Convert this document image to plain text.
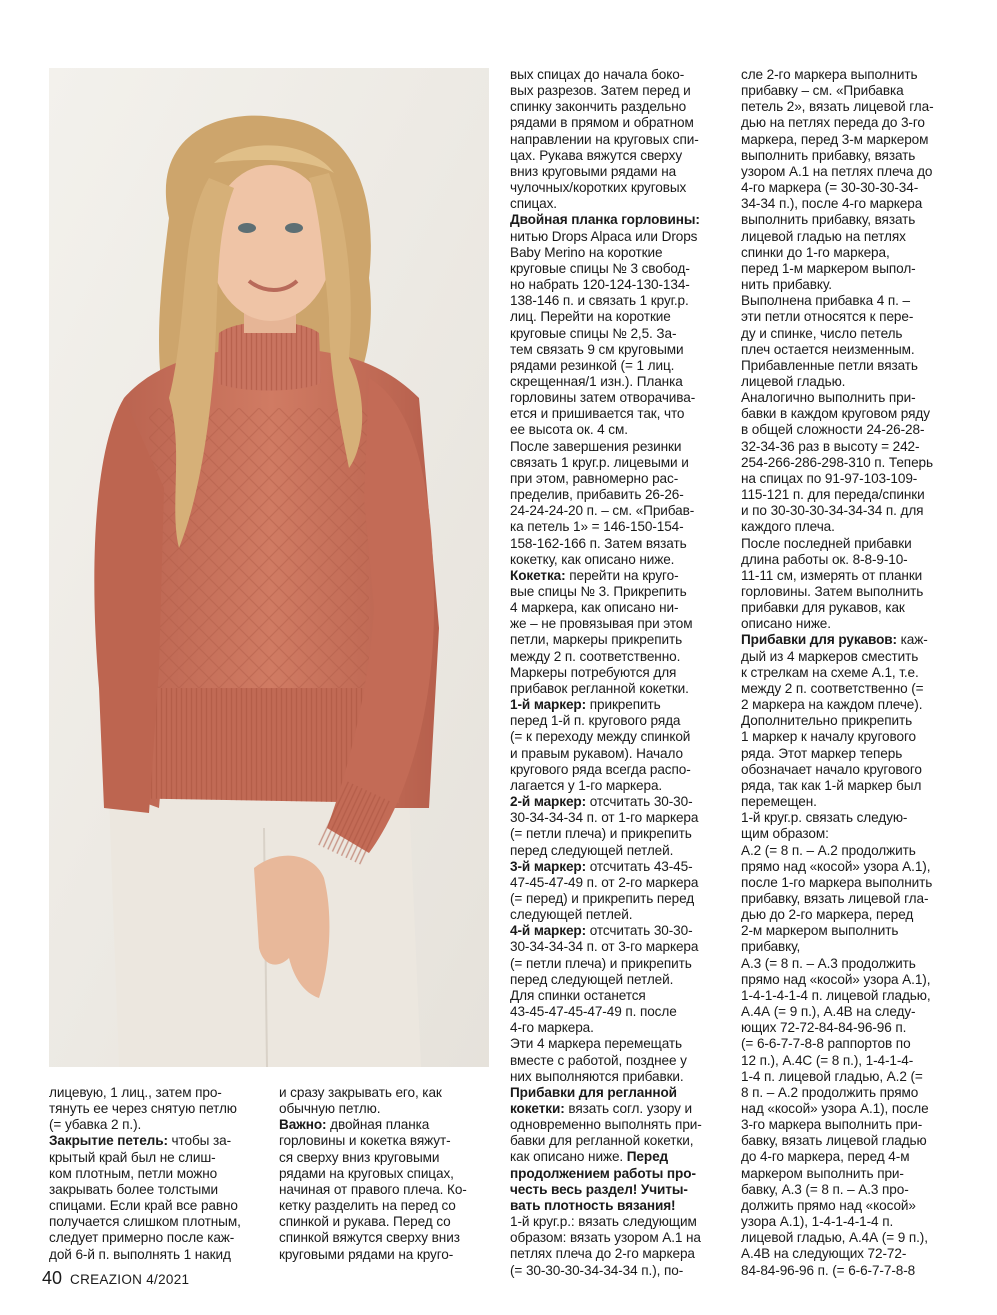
лицевую, 1 лиц., затем про-
тянуть ее через снятую петлю
(= убавка 2 п.).

Закрытие петель: чтобы за-
крытый край был не слиш-
ком плотным, петли можно
закрывать более толстыми
спицами. Если край все равно
получается слишком плотным,
следует примерно после каж-
дой 6-й п. выполнять 1 накид

и сразу закрывать его, как
обычную петлю.

Важно: двойная планка
горловины и кокетка вяжут-
ся сверху вниз круговыми
рядами на круговых спицах,
начиная от правого плеча. Ко-
кетку разделить на перед со
спинкой и рукава. Перед со
спинкой вяжутся сверху вниз
круговыми рядами на круго-

вых спицах до начала боко-
вых разрезов. Затем перед и
спинку закончить раздельно
рядами в прямом и обратном
направлении на круговых спи-
цах. Рукава вяжутся сверху
вниз круговыми рядами на
чулочных/коротких круговых
спицах.

Двойная планка горловины:
нитью Drops Alpaca или Drops
Baby Merino на короткие
круговые спицы № 3 свобод-
но набрать 120-124-130-134-
138-146 п. и связать 1 круг.р.
лиц. Перейти на короткие
круговые спицы № 2,5. За-
тем связать 9 см круговыми
рядами резинкой (= 1 лиц.
скрещенная/1 изн.). Планка
горловины затем отворачива-
ется и пришивается так, что
ее высота ок. 4 см.

После завершения резинки
связать 1 круг.р. лицевыми и
при этом, равномерно рас-
пределив, прибавить 26-26-
24-24-24-20 п. – см. «Прибав-
ка петель 1» = 146-150-154-
158-162-166 п. Затем вязать
кокетку, как описано ниже.

Кокетка: перейти на круго-
вые спицы № 3. Прикрепить
4 маркера, как описано ни-
же – не провязывая при этом
петли, маркеры прикрепить
между 2 п. соответственно.
Маркеры потребуются для
прибавок регланной кокетки.

1-й маркер: прикрепить
перед 1-й п. кругового ряда
(= к переходу между спинкой
и правым рукавом). Начало
кругового ряда всегда распо-
лагается у 1-го маркера.

2-й маркер: отсчитать 30-30-
30-34-34-34 п. от 1-го маркера
(= петли плеча) и прикрепить
перед следующей петлей.

3-й маркер: отсчитать 43-45-
47-45-47-49 п. от 2-го маркера
(= перед) и прикрепить перед
следующей петлей.

4-й маркер: отсчитать 30-30-
30-34-34-34 п. от 3-го маркера
(= петли плеча) и прикрепить
перед следующей петлей.
Для спинки останется
43-45-47-45-47-49 п. после
4-го маркера.

Эти 4 маркера перемещать
вместе с работой, позднее у
них выполняются прибавки.

Прибавки для регланной
кокетки: вязать согл. узору и
одновременно выполнять при-
бавки для регланной кокетки,
как описано ниже. Перед
продолжением работы про-
честь весь раздел! Учиты-
вать плотность вязания!

1-й круг.р.: вязать следующим
образом: вязать узором А.1 на
петлях плеча до 2-го маркера
(= 30-30-30-34-34-34 п.), по-

сле 2-го маркера выполнить
прибавку – см. «Прибавка
петель 2», вязать лицевой гла-
дью на петлях переда до 3-го
маркера, перед 3-м маркером
выполнить прибавку, вязать
узором А.1 на петлях плеча до
4-го маркера (= 30-30-30-34-
34-34 п.), после 4-го маркера
выполнить прибавку, вязать
лицевой гладью на петлях
спинки до 1-го маркера,
перед 1-м маркером выпол-
нить прибавку.

Выполнена прибавка 4 п. –
эти петли относятся к пере-
ду и спинке, число петель
плеч остается неизменным.
Прибавленные петли вязать
лицевой гладью.

Аналогично выполнить при-
бавки в каждом круговом ряду
в общей сложности 24-26-28-
32-34-36 раз в высоту = 242-
254-266-286-298-310 п. Теперь
на спицах по 91-97-103-109-
115-121 п. для переда/спинки
и по 30-30-30-34-34-34 п. для
каждого плеча.

После последней прибавки
длина работы ок. 8-8-9-10-
11-11 см, измерять от планки
горловины. Затем выполнить
прибавки для рукавов, как
описано ниже.

Прибавки для рукавов: каж-
дый из 4 маркеров сместить
к стрелкам на схеме А.1, т.е.
между 2 п. соответственно (=
2 маркера на каждом плече).
Дополнительно прикрепить
1 маркер к началу кругового
ряда. Этот маркер теперь
обозначает начало кругового
ряда, так как 1-й маркер был
перемещен.

1-й круг.р. связать следую-
щим образом:
А.2 (= 8 п. – А.2 продолжить
прямо над «косой» узора А.1),
после 1-го маркера выполнить
прибавку, вязать лицевой гла-
дью до 2-го маркера, перед
2-м маркером выполнить
прибавку,
А.3 (= 8 п. – А.3 продолжить
прямо над «косой» узора А.1),
1-4-1-4-1-4 п. лицевой гладью,
А.4А (= 9 п.), А.4В на следу-
ющих 72-72-84-84-96-96 п.
(= 6-6-7-7-8-8 раппортов по
12 п.), А.4С (= 8 п.), 1-4-1-4-
1-4 п. лицевой гладью, А.2 (=
8 п. – А.2 продолжить прямо
над «косой» узора А.1), после
3-го маркера выполнить при-
бавку, вязать лицевой гладью
до 4-го маркера, перед 4-м
маркером выполнить при-
бавку, А.3 (= 8 п. – А.3 про-
должить прямо над «косой»
узора А.1), 1-4-1-4-1-4 п.
лицевой гладью, А.4А (= 9 п.),
А.4В на следующих 72-72-
84-84-96-96 п. (= 6-6-7-7-8-8

40 CREAZION 4/2021
